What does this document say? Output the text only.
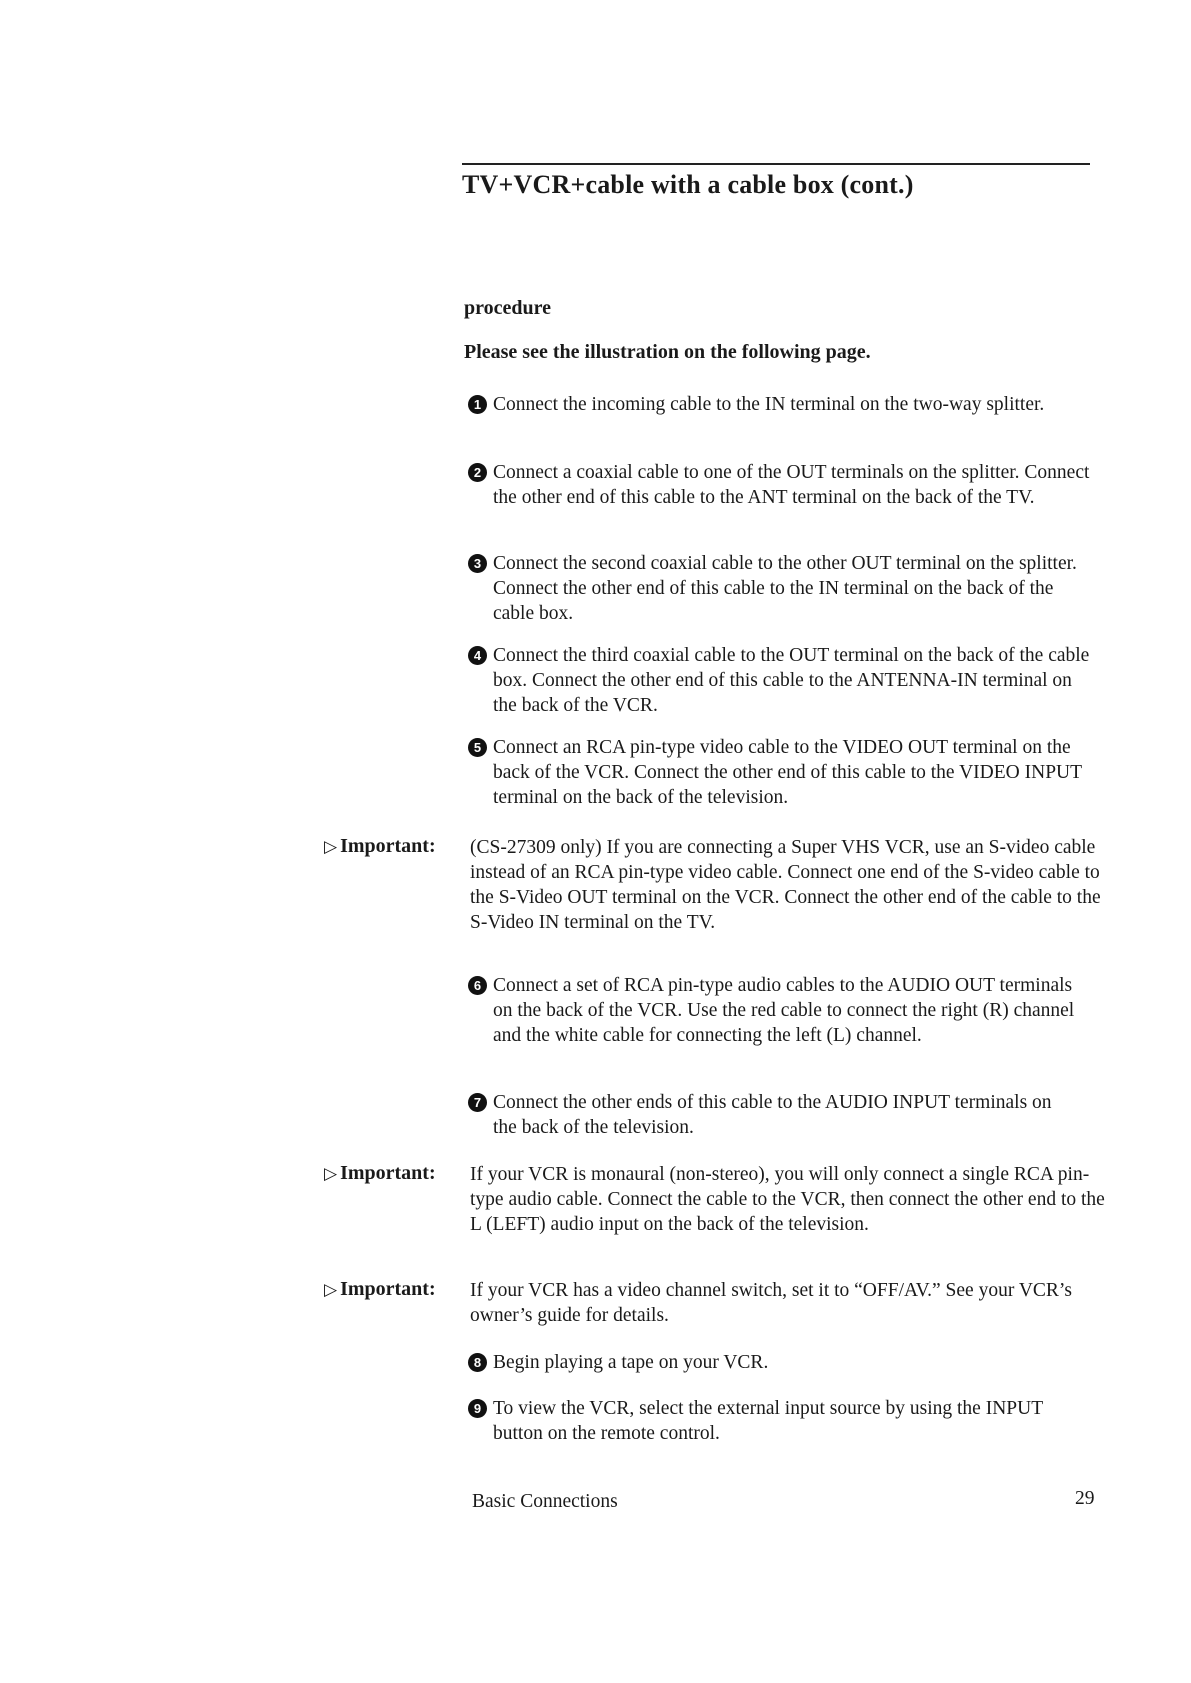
TV+VCR+cable with a cable box (cont.)
procedure
Please see the illustration on the following page.
1 Connect the incoming cable to the IN terminal on the two-way splitter.
2 Connect a coaxial cable to one of the OUT terminals on the splitter. Connect the other end of this cable to the ANT terminal on the back of the TV.
3 Connect the second coaxial cable to the other OUT terminal on the splitter. Connect the other end of this cable to the IN terminal on the back of the cable box.
4 Connect the third coaxial cable to the OUT terminal on the back of the cable box. Connect the other end of this cable to the ANTENNA-IN terminal on the back of the VCR.
5 Connect an RCA pin-type video cable to the VIDEO OUT terminal on the back of the VCR. Connect the other end of this cable to the VIDEO INPUT terminal on the back of the television.
▷ Important: (CS-27309 only) If you are connecting a Super VHS VCR, use an S-video cable instead of an RCA pin-type video cable. Connect one end of the S-video cable to the S-Video OUT terminal on the VCR. Connect the other end of the cable to the S-Video IN terminal on the TV.
6 Connect a set of RCA pin-type audio cables to the AUDIO OUT terminals on the back of the VCR. Use the red cable to connect the right (R) channel and the white cable for connecting the left (L) channel.
7 Connect the other ends of this cable to the AUDIO INPUT terminals on the back of the television.
▷ Important: If your VCR is monaural (non-stereo), you will only connect a single RCA pin-type audio cable. Connect the cable to the VCR, then connect the other end to the L (LEFT) audio input on the back of the television.
▷ Important: If your VCR has a video channel switch, set it to “OFF/AV.” See your VCR’s owner’s guide for details.
8 Begin playing a tape on your VCR.
9 To view the VCR, select the external input source by using the INPUT button on the remote control.
Basic Connections	29
